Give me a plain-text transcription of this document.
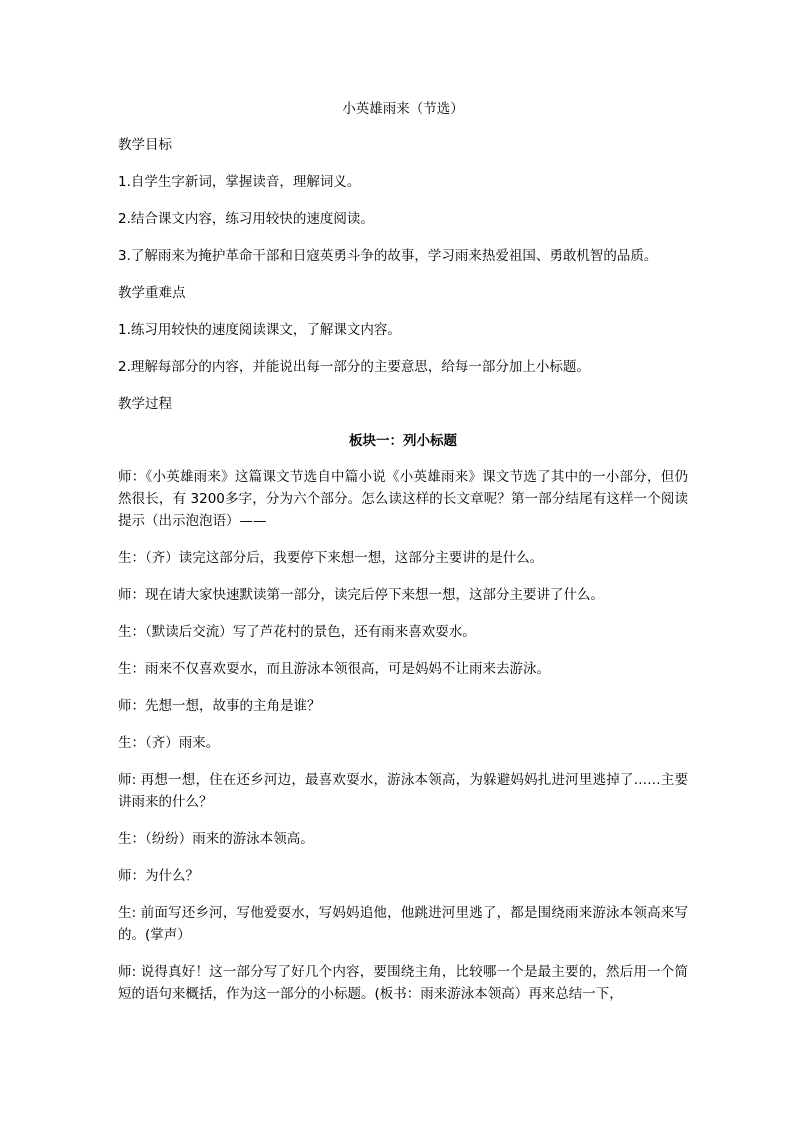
小英雄雨来（节选）

教学目标

1.自学生字新词，掌握读音，理解词义。

2.结合课文内容，练习用较快的速度阅读。

3.了解雨来为掩护革命干部和日寇英勇斗争的故事，学习雨来热爱祖国、勇敢机智的品质。

教学重难点

1.练习用较快的速度阅读课文，了解课文内容。

2.理解每部分的内容，并能说出每一部分的主要意思，给每一部分加上小标题。

教学过程

板块一：列小标题

师：《小英雄雨来》这篇课文节选自中篇小说《小英雄雨来》课文节选了其中的一小部分，但仍然很长，有 3200多字，分为六个部分。怎么读这样的长文章呢？第一部分结尾有这样一个阅读提示（出示泡泡语）——

生：（齐）读完这部分后，我要停下来想一想，这部分主要讲的是什么。

师：现在请大家快速默读第一部分，读完后停下来想一想，这部分主要讲了什么。

生：（默读后交流）写了芦花村的景色，还有雨来喜欢耍水。

生：雨来不仅喜欢耍水，而且游泳本领很高，可是妈妈不让雨来去游泳。

师：先想一想，故事的主角是谁？

生：（齐）雨来。

师: 再想一想，住在还乡河边，最喜欢耍水，游泳本领高，为躲避妈妈扎进河里逃掉了……主要讲雨来的什么？

生：（纷纷）雨来的游泳本领高。

师：为什么？

生: 前面写还乡河，写他爱耍水，写妈妈追他，他跳进河里逃了，都是围绕雨来游泳本领高来写的。(掌声）

师: 说得真好！这一部分写了好几个内容，要围绕主角，比较哪一个是最主要的，然后用一个简短的语句来概括，作为这一部分的小标题。(板书：雨来游泳本领高）再来总结一下，
